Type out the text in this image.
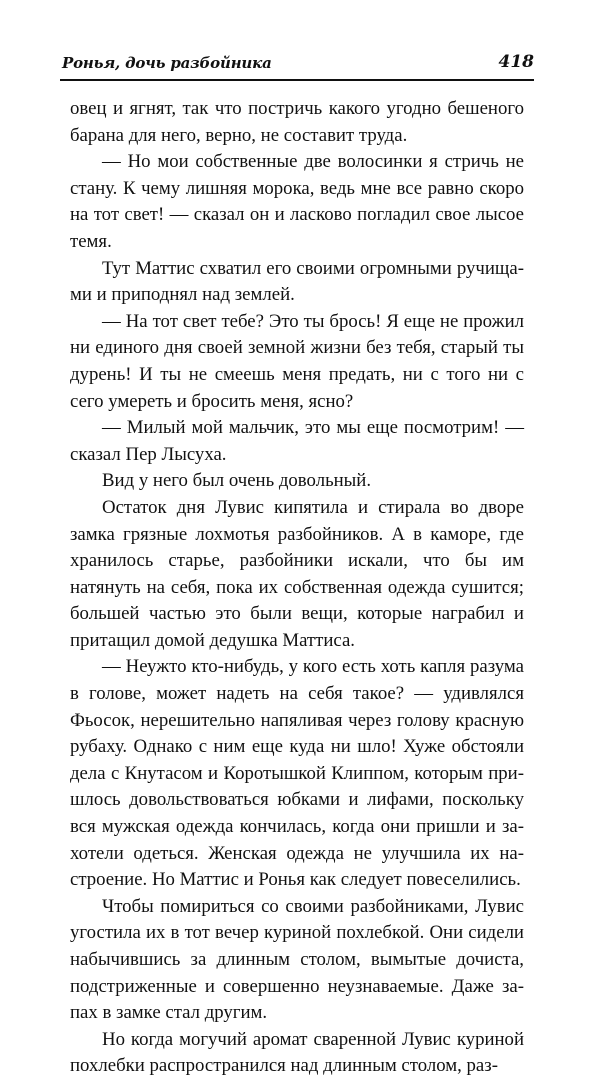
Ронья, дочь разбойника	418

овец и ягнят, так что постричь какого угодно бешеного барана для него, верно, не составит труда.

— Но мои собственные две волосинки я стричь не стану. К чему лишняя морока, ведь мне все равно скоро на тот свет! — сказал он и ласково погладил свое лысое темя.

Тут Маттис схватил его своими огромными ручищами и приподнял над землей.

— На тот свет тебе? Это ты брось! Я еще не прожил ни единого дня своей земной жизни без тебя, старый ты дурень! И ты не смеешь меня предать, ни с того ни с сего умереть и бросить меня, ясно?

— Милый мой мальчик, это мы еще посмотрим! — сказал Пер Лысуха.

Вид у него был очень довольный.

Остаток дня Лувис кипятила и стирала во дворе замка грязные лохмотья разбойников. А в каморе, где хранилось старье, разбойники искали, что бы им натянуть на себя, пока их собственная одежда сушится; большей частью это были вещи, которые награбил и притащил домой дедушка Маттиса.

— Неужто кто-нибудь, у кого есть хоть капля разума в голове, может надеть на себя такое? — удивлялся Фьосок, нерешительно напяливая через голову красную рубаху. Однако с ним еще куда ни шло! Хуже обстояли дела с Кнутасом и Коротышкой Клиппом, которым пришлось довольствоваться юбками и лифами, поскольку вся мужская одежда кончилась, когда они пришли и захотели одеться. Женская одежда не улучшила их настроение. Но Маттис и Ронья как следует повеселились.

Чтобы помириться со своими разбойниками, Лувис угостила их в тот вечер куриной похлебкой. Они сидели набычившись за длинным столом, вымытые дочиста, подстриженные и совершенно неузнаваемые. Даже запах в замке стал другим.

Но когда могучий аромат сваренной Лувис куриной похлебки распространился над длинным столом, раз-
